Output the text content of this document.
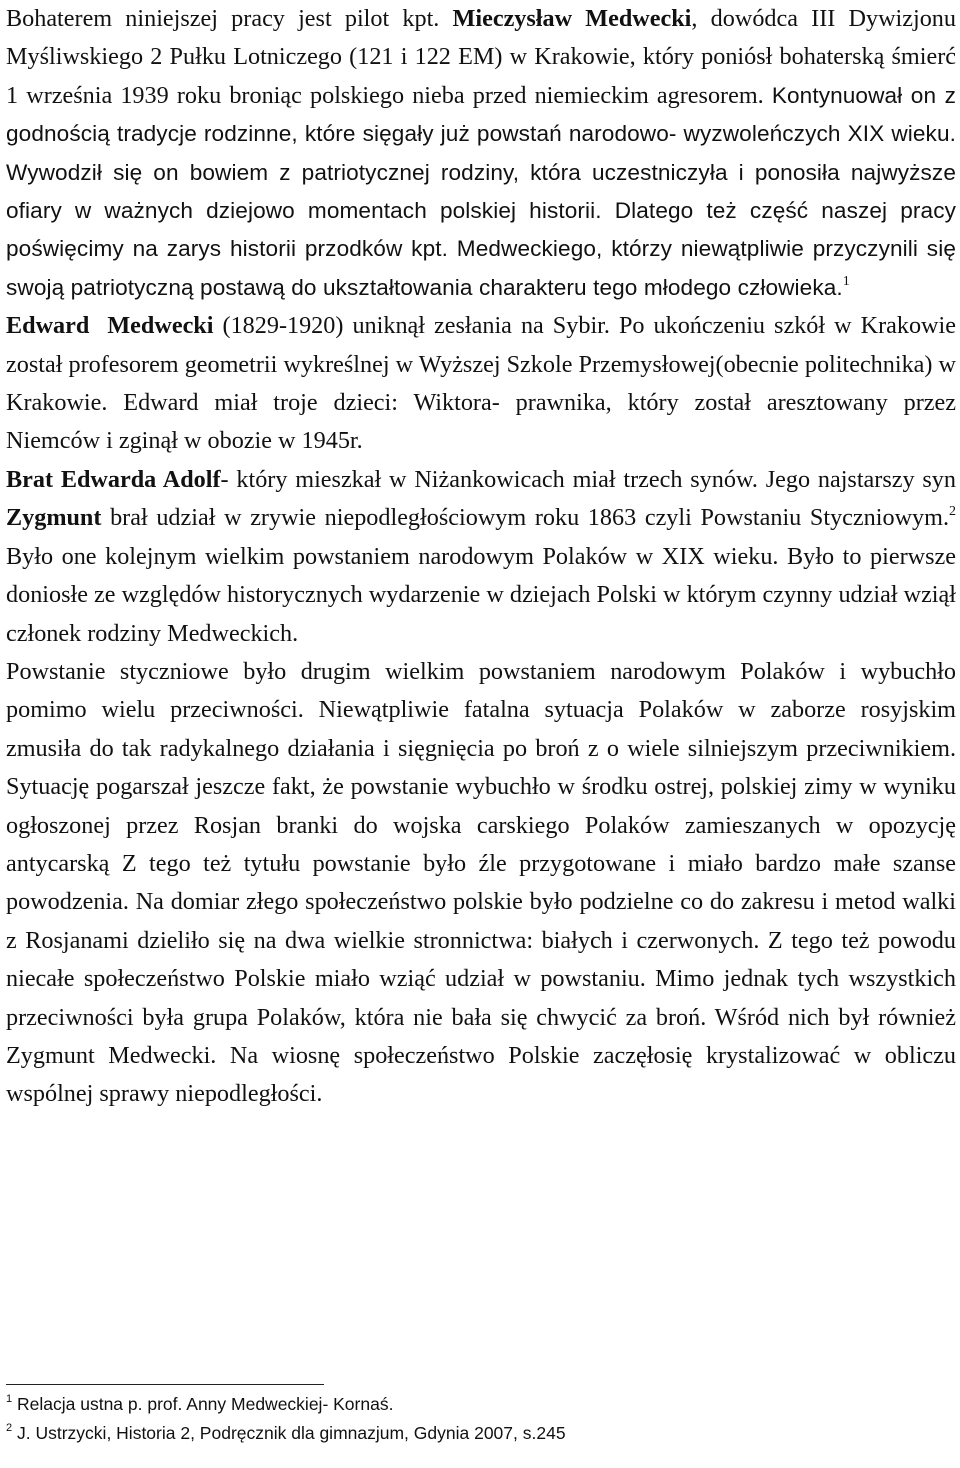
Bohaterem niniejszej pracy jest pilot kpt. Mieczysław Medwecki, dowódca III Dywizjonu Myśliwskiego 2 Pułku Lotniczego (121 i 122 EM) w Krakowie, który poniósł bohaterską śmierć 1 września 1939 roku broniąc polskiego nieba przed niemieckim agresorem. Kontynuował on z godnością tradycje rodzinne, które sięgały już powstań narodowo- wyzwoleńczych XIX wieku. Wywodził się on bowiem z patriotycznej rodziny, która uczestniczyła i ponosiła najwyższe ofiary w ważnych dziejowo momentach polskiej historii. Dlatego też część naszej pracy poświęcimy na zarys historii przodków kpt. Medweckiego, którzy niewątpliwie przyczynili się swoją patriotyczną postawą do ukształtowania charakteru tego młodego człowieka.$^1$

Edward Medwecki (1829-1920) uniknął zesłania na Sybir. Po ukończeniu szkół w Krakowie został profesorem geometrii wykreślnej w Wyższej Szkole Przemysłowej(obecnie politechnika) w Krakowie. Edward miał troje dzieci: Wiktora- prawnika, który został aresztowany przez Niemców i zginął w obozie w 1945r.

Brat Edwarda Adolf- który mieszkał w Niżankowicach miał trzech synów. Jego najstarszy syn Zygmunt brał udział w zrywie niepodległościowym roku 1863 czyli Powstaniu Styczniowym.$^2$ Było one kolejnym wielkim powstaniem narodowym Polaków w XIX wieku. Było to pierwsze doniosłe ze względów historycznych wydarzenie w dziejach Polski w którym czynny udział wziął członek rodziny Medweckich.

Powstanie styczniowe było drugim wielkim powstaniem narodowym Polaków i wybuchło pomimo wielu przeciwności. Niewątpliwie fatalna sytuacja Polaków w zaborze rosyjskim zmusiła do tak radykalnego działania i sięgnięcia po broń z o wiele silniejszym przeciwnikiem. Sytuację pogarszał jeszcze fakt, że powstanie wybuchło w środku ostrej, polskiej zimy w wyniku ogłoszonej przez Rosjan branki do wojska carskiego Polaków zamieszanych w opozycję antycarską Z tego też tytułu powstanie było źle przygotowane i miało bardzo małe szanse powodzenia. Na domiar złego społeczeństwo polskie było podzielne co do zakresu i metod walki z Rosjanami dzieliło się na dwa wielkie stronnictwa: białych i czerwonych. Z tego też powodu niecałe społeczeństwo Polskie miało wziąć udział w powstaniu. Mimo jednak tych wszystkich przeciwności była grupa Polaków, która nie bała się chwycić za broń. Wśród nich był również Zygmunt Medwecki. Na wiosnę społeczeństwo Polskie zaczęłosię krystalizować w obliczu wspólnej sprawy niepodległości.

$^1$ Relacja ustna p. prof. Anny Medweckiej- Kornaś.

$^2$ J. Ustrzycki, Historia 2, Podręcznik dla gimnazjum, Gdynia 2007, s.245
